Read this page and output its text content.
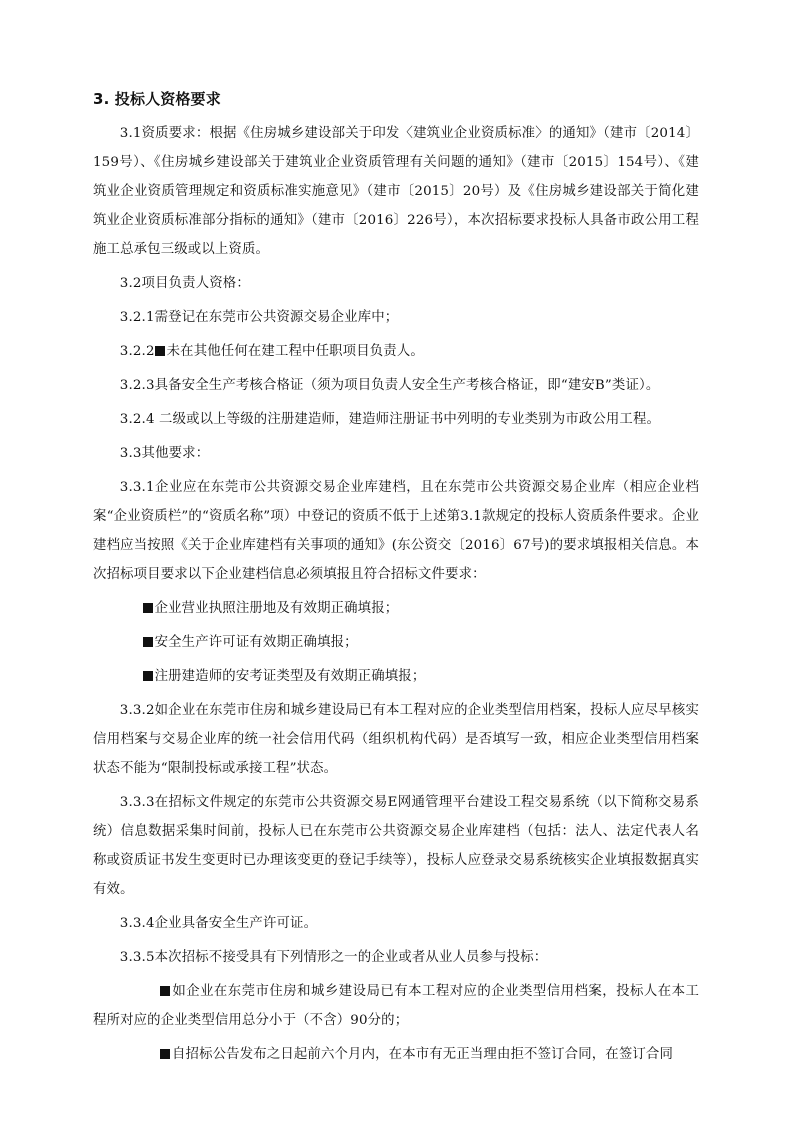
3. 投标人资格要求

3.1资质要求：根据《住房城乡建设部关于印发〈建筑业企业资质标准〉的通知》（建市〔2014〕159号）、《住房城乡建设部关于建筑业企业资质管理有关问题的通知》（建市〔2015〕154号）、《建筑业企业资质管理规定和资质标准实施意见》（建市〔2015〕20号）及《住房城乡建设部关于简化建筑业企业资质标准部分指标的通知》（建市〔2016〕226号），本次招标要求投标人具备市政公用工程施工总承包三级或以上资质。

3.2项目负责人资格：

3.2.1需登记在东莞市公共资源交易企业库中；

3.2.2 未在其他任何在建工程中任职项目负责人。

3.2.3具备安全生产考核合格证（须为项目负责人安全生产考核合格证，即“建安B”类证）。

3.2.4 二级或以上等级的注册建造师，建造师注册证书中列明的专业类别为市政公用工程。

3.3其他要求：

3.3.1企业应在东莞市公共资源交易企业库建档，且在东莞市公共资源交易企业库（相应企业档案“企业资质栏”的“资质名称”项）中登记的资质不低于上述第3.1款规定的投标人资质条件要求。企业建档应当按照《关于企业库建档有关事项的通知》(东公资交〔2016〕67号)的要求填报相关信息。本次招标项目要求以下企业建档信息必须填报且符合招标文件要求：

企业营业执照注册地及有效期正确填报；

安全生产许可证有效期正确填报；

注册建造师的安考证类型及有效期正确填报；

3.3.2如企业在东莞市住房和城乡建设局已有本工程对应的企业类型信用档案，投标人应尽早核实信用档案与交易企业库的统一社会信用代码（组织机构代码）是否填写一致，相应企业类型信用档案状态不能为“限制投标或承接工程”状态。

3.3.3在招标文件规定的东莞市公共资源交易E网通管理平台建设工程交易系统（以下简称交易系统）信息数据采集时间前，投标人已在东莞市公共资源交易企业库建档（包括：法人、法定代表人名称或资质证书发生变更时已办理该变更的登记手续等），投标人应登录交易系统核实企业填报数据真实有效。

3.3.4企业具备安全生产许可证。

3.3.5本次招标不接受具有下列情形之一的企业或者从业人员参与投标：

如企业在东莞市住房和城乡建设局已有本工程对应的企业类型信用档案，投标人在本工程所对应的企业类型信用总分小于（不含）90分的；

自招标公告发布之日起前六个月内，在本市有无正当理由拒不签订合同，在签订合同
